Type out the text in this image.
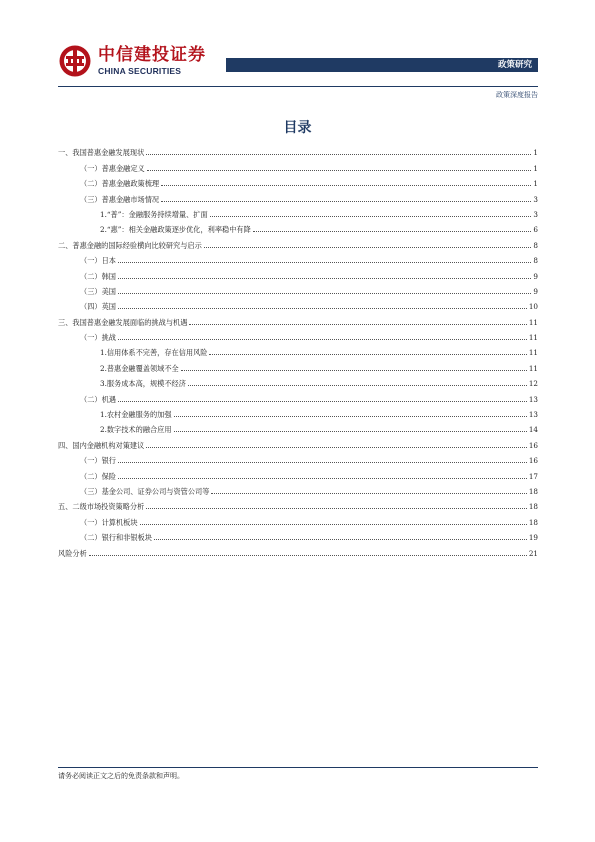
中信建投证券
CHINA SECURITIES
政策研究
政策深度报告
目录
一、我国普惠金融发展现状	1
（一）普惠金融定义	1
（二）普惠金融政策梳理	1
（三）普惠金融市场情况	3
1.“普”：金融服务持续增量、扩面	3
2.“惠”：相关金融政策逐步优化，利率稳中有降	6
二、普惠金融的国际经验横向比较研究与启示	8
（一）日本	8
（二）韩国	9
（三）美国	9
（四）英国	10
三、我国普惠金融发展面临的挑战与机遇	11
（一）挑战	11
1.信用体系不完善，存在信用风险	11
2.普惠金融覆盖领域不全	11
3.服务成本高，规模不经济	12
（二）机遇	13
1.农村金融服务的加强	13
2.数字技术的融合应用	14
四、国内金融机构对策建议	16
（一）银行	16
（二）保险	17
（三）基金公司、证券公司与资管公司等	18
五、二级市场投资策略分析	18
（一）计算机板块	18
（二）银行和非银板块	19
风险分析	21
请务必阅读正文之后的免责条款和声明。
